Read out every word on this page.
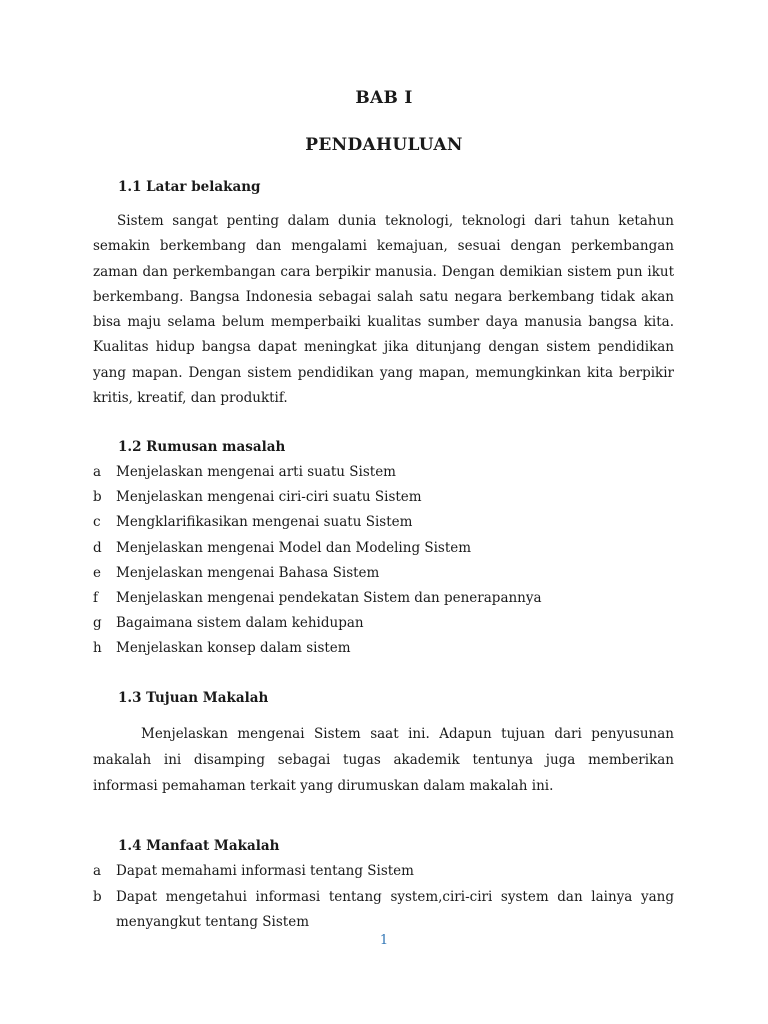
BAB I
PENDAHULUAN
1.1 Latar belakang

Sistem sangat penting dalam dunia teknologi, teknologi dari tahun ketahun semakin berkembang dan mengalami kemajuan, sesuai dengan perkembangan zaman dan perkembangan cara berpikir manusia. Dengan demikian sistem pun ikut berkembang. Bangsa Indonesia sebagai salah satu negara berkembang tidak akan bisa maju selama belum memperbaiki kualitas sumber daya manusia bangsa kita. Kualitas hidup bangsa dapat meningkat jika ditunjang dengan sistem pendidikan yang mapan. Dengan sistem pendidikan yang mapan, memungkinkan kita berpikir kritis, kreatif, dan produktif.

1.2 Rumusan masalah
a	Menjelaskan mengenai arti suatu Sistem
b	Menjelaskan mengenai ciri-ciri suatu Sistem
c	Mengklarifikasikan mengenai suatu Sistem
d	Menjelaskan mengenai Model dan Modeling Sistem
e	Menjelaskan mengenai Bahasa Sistem
f	Menjelaskan mengenai pendekatan Sistem dan penerapannya
g	Bagaimana sistem dalam kehidupan
h	Menjelaskan konsep dalam sistem
1.3 Tujuan Makalah

Menjelaskan mengenai Sistem saat ini. Adapun tujuan dari penyusunan makalah ini disamping sebagai tugas akademik tentunya juga memberikan informasi pemahaman terkait yang dirumuskan dalam makalah ini.

1.4 Manfaat Makalah
a	Dapat memahami informasi tentang Sistem
b	Dapat mengetahui informasi tentang system,ciri-ciri system dan lainya yang menyangkut tentang Sistem
1
